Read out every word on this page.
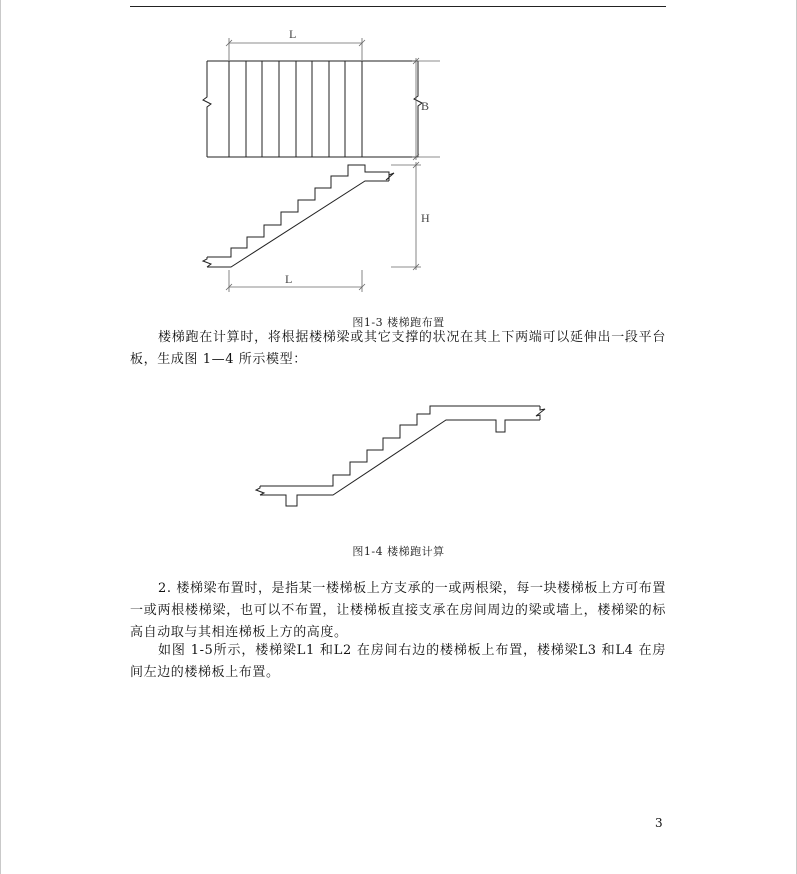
L
B
H
L
图1-3 楼梯跑布置

楼梯跑在计算时，将根据楼梯梁或其它支撑的状况在其上下两端可以延伸出一段平台板，生成图 1—4 所示模型：

图1-4 楼梯跑计算

2. 楼梯梁布置时，是指某一楼梯板上方支承的一或两根梁，每一块楼梯板上方可布置一或两根楼梯梁，也可以不布置，让楼梯板直接支承在房间周边的梁或墙上，楼梯梁的标高自动取与其相连梯板上方的高度。

如图 1-5所示，楼梯梁L1 和L2 在房间右边的楼梯板上布置，楼梯梁L3 和L4 在房间左边的楼梯板上布置。

3
